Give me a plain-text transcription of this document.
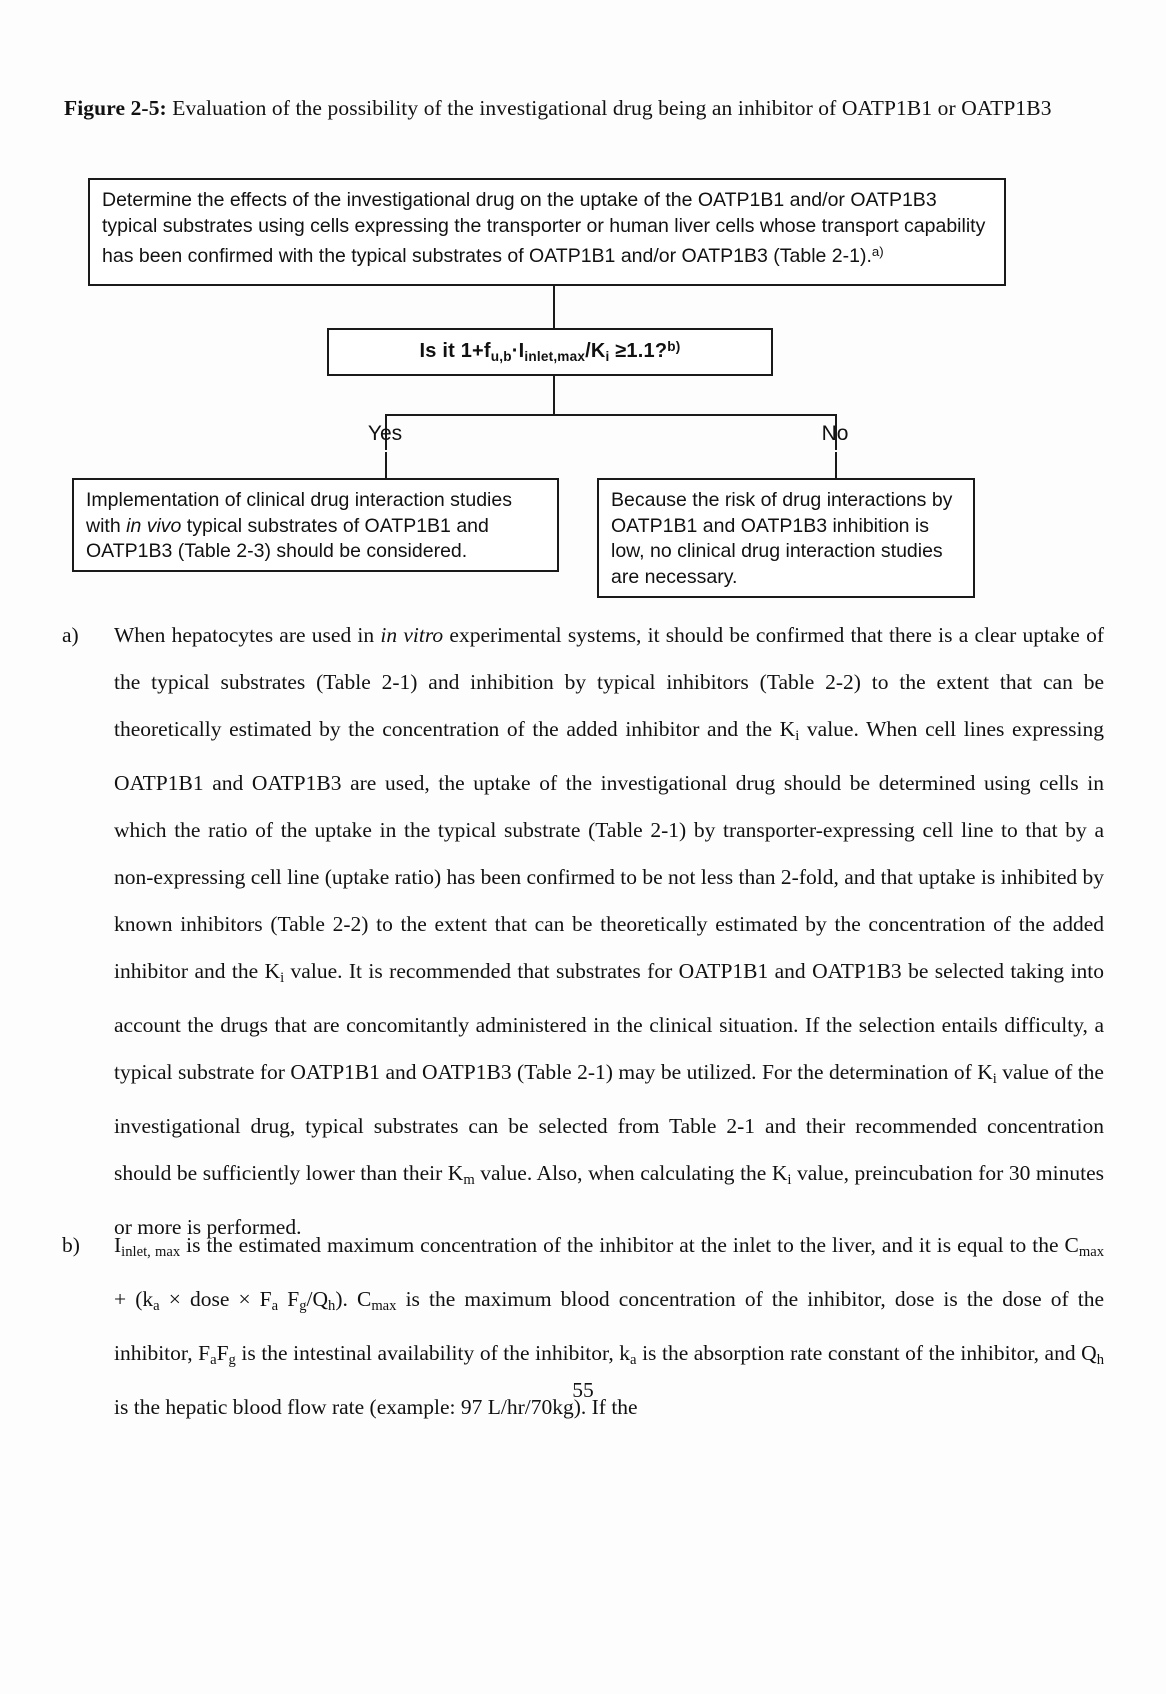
Figure 2-5: Evaluation of the possibility of the investigational drug being an inhibitor of OATP1B1 or OATP1B3
Determine the effects of the investigational drug on the uptake of the OATP1B1 and/or OATP1B3 typical substrates using cells expressing the transporter or human liver cells whose transport capability has been confirmed with the typical substrates of OATP1B1 and/or OATP1B3 (Table 2-1).$^{a)}$
Is it $1+f_{u,b}\cdot I_{inlet,max}/K_i$ ≥1.1?$^{b)}$
Yes	No
Implementation of clinical drug interaction studies with in vivo typical substrates of OATP1B1 and OATP1B3 (Table 2-3) should be considered.
Because the risk of drug interactions by OATP1B1 and OATP1B3 inhibition is low, no clinical drug interaction studies are necessary.
a)	When hepatocytes are used in in vitro experimental systems, it should be confirmed that there is a clear uptake of the typical substrates (Table 2-1) and inhibition by typical inhibitors (Table 2-2) to the extent that can be theoretically estimated by the concentration of the added inhibitor and the $K_i$ value. When cell lines expressing OATP1B1 and OATP1B3 are used, the uptake of the investigational drug should be determined using cells in which the ratio of the uptake in the typical substrate (Table 2-1) by transporter-expressing cell line to that by a non-expressing cell line (uptake ratio) has been confirmed to be not less than 2-fold, and that uptake is inhibited by known inhibitors (Table 2-2) to the extent that can be theoretically estimated by the concentration of the added inhibitor and the $K_i$ value. It is recommended that substrates for OATP1B1 and OATP1B3 be selected taking into account the drugs that are concomitantly administered in the clinical situation. If the selection entails difficulty, a typical substrate for OATP1B1 and OATP1B3 (Table 2-1) may be utilized. For the determination of $K_i$ value of the investigational drug, typical substrates can be selected from Table 2-1 and their recommended concentration should be sufficiently lower than their $K_m$ value. Also, when calculating the $K_i$ value, preincubation for 30 minutes or more is performed.
b)	$I_{inlet, max}$ is the estimated maximum concentration of the inhibitor at the inlet to the liver, and it is equal to the $C_{max} + (k_a$ × dose × $F_a$ $F_g/Q_h$). $C_{max}$ is the maximum blood concentration of the inhibitor, dose is the dose of the inhibitor, $F_aF_g$ is the intestinal availability of the inhibitor, $k_a$ is the absorption rate constant of the inhibitor, and $Q_h$ is the hepatic blood flow rate (example: 97 L/hr/70kg). If the
55
